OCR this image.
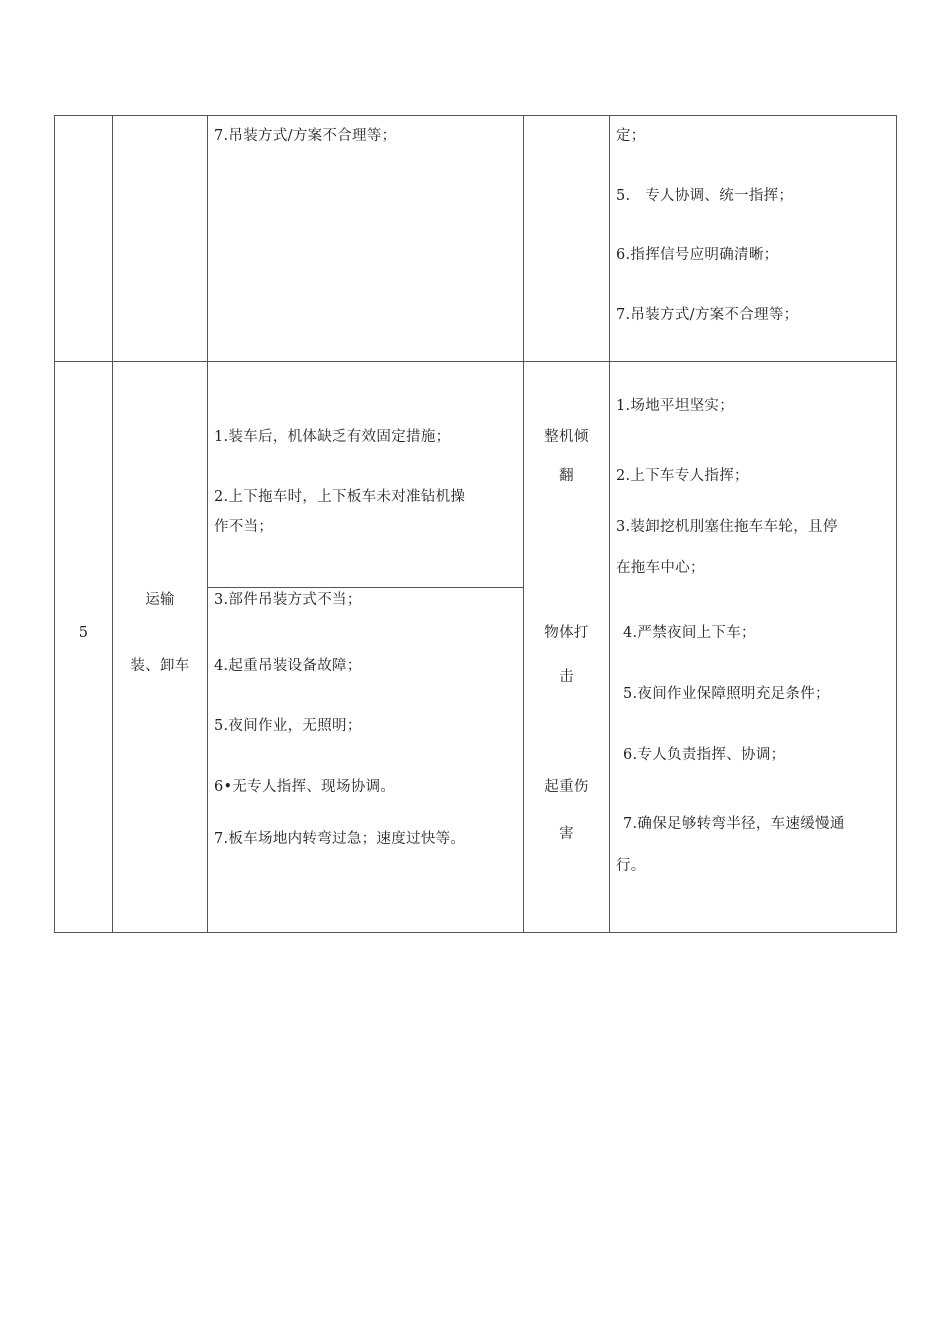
7.吊装方式/方案不合理等；	定；
5.　专人协调、统一指挥；
6.指挥信号应明确清晰；
7.吊装方式/方案不合理等；
5
运输
装、卸车
1.装车后，机体缺乏有效固定措施；
2.上下拖车时，上下板车未对准钻机操
作不当；
3.部件吊装方式不当；
4.起重吊装设备故障；
5.夜间作业，无照明；
6•无专人指挥、现场协调。
7.板车场地内转弯过急；速度过快等。
整机倾
翻
物体打
击
起重伤
害
1.场地平坦坚实；
2.上下车专人指挥；
3.装卸挖机刖塞住拖车车轮，且停
在拖车中心；
4.严禁夜间上下车；
5.夜间作业保障照明充足条件；
6.专人负责指挥、协调；
7.确保足够转弯半径，车速缓慢通
行。
